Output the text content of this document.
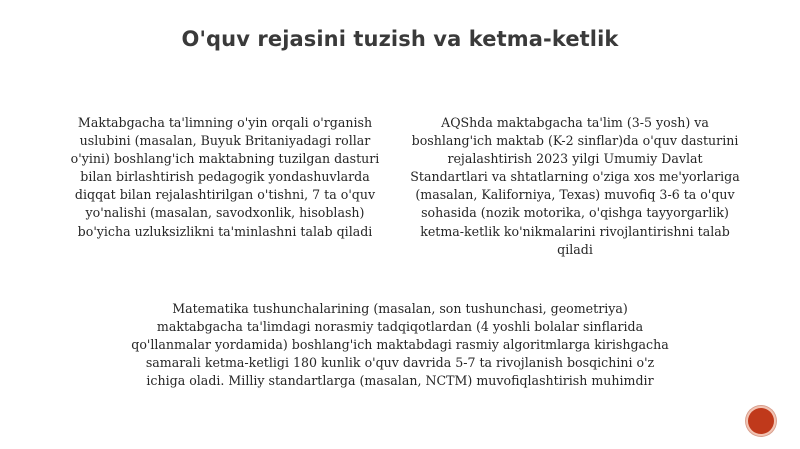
O'quv rejasini tuzish va ketma-ketlik
Maktabgacha ta'limning o'yin orqali o'rganish uslubini (masalan, Buyuk Britaniyadagi rollar o'yini) boshlang'ich maktabning tuzilgan dasturi bilan birlashtirish pedagogik yondashuvlarda diqqat bilan rejalashtirilgan o'tishni, 7 ta o'quv yo'nalishi (masalan, savodxonlik, hisoblash) bo'yicha uzluksizlikni ta'minlashni talab qiladi
AQShda maktabgacha ta'lim (3-5 yosh) va boshlang'ich maktab (K-2 sinflar)da o'quv dasturini rejalashtirish 2023 yilgi Umumiy Davlat Standartlari va shtatlarning o'ziga xos me'yorlariga (masalan, Kaliforniya, Texas) muvofiq 3-6 ta o'quv sohasida (nozik motorika, o'qishga tayyorgarlik) ketma-ketlik ko'nikmalarini rivojlantirishni talab qiladi
Matematika tushunchalarining (masalan, son tushunchasi, geometriya) maktabgacha ta'limdagi norasmiy tadqiqotlardan (4 yoshli bolalar sinflarida qo'llanmalar yordamida) boshlang'ich maktabdagi rasmiy algoritmlarga kirishgacha samarali ketma-ketligi 180 kunlik o'quv davrida 5-7 ta rivojlanish bosqichini o'z ichiga oladi. Milliy standartlarga (masalan, NCTM) muvofiqlashtirish muhimdir
